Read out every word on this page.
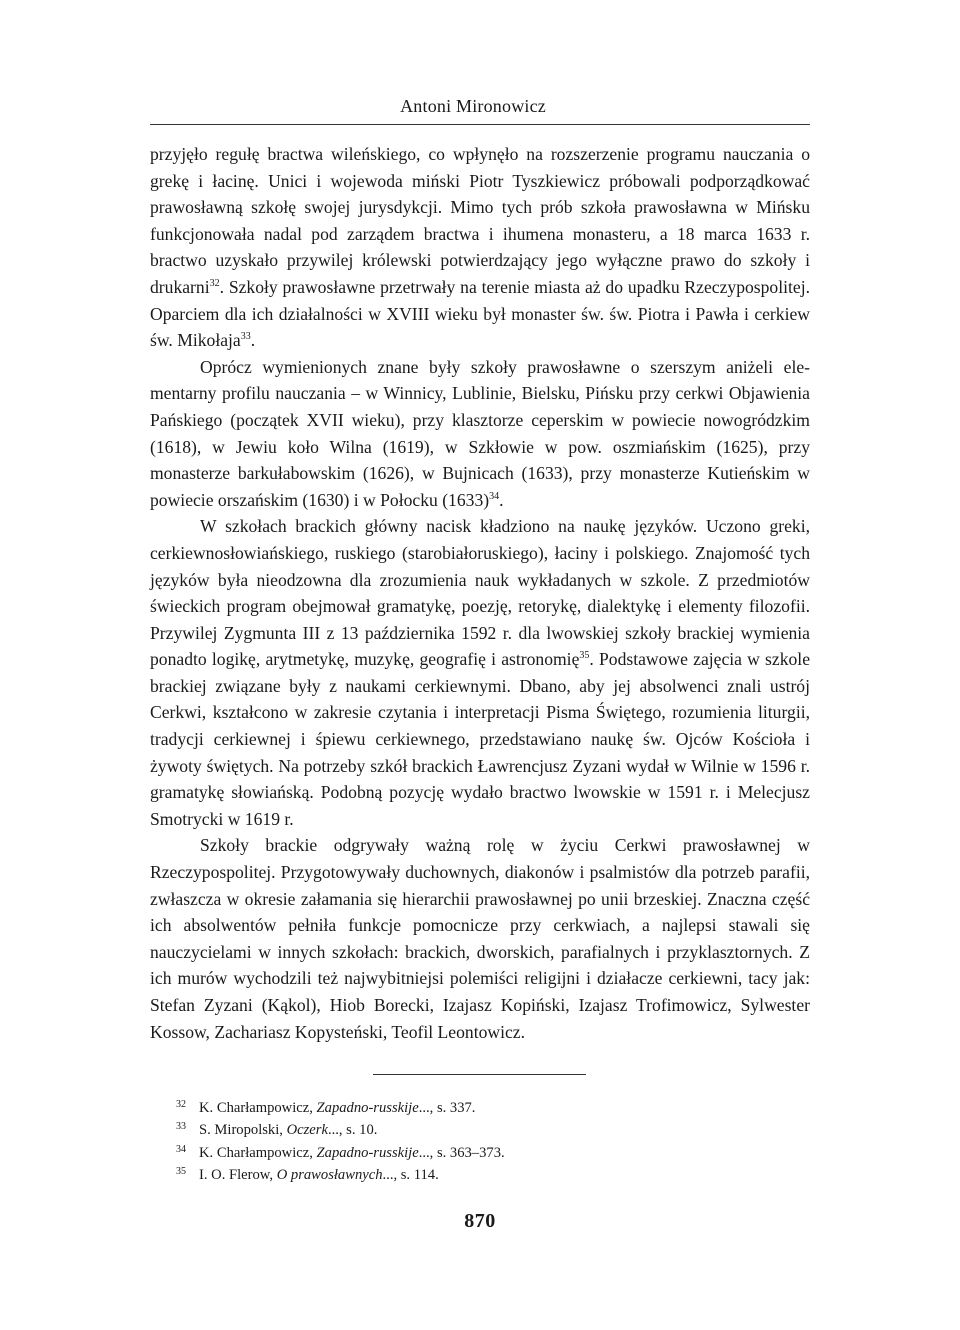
Antoni Mironowicz

przyjęło regułę bractwa wileńskiego, co wpłynęło na rozszerzenie programu nauczania o grekę i łacinę. Unici i wojewoda miński Piotr Tyszkiewicz próbowali podporządkować prawosławną szkołę swojej jurysdykcji. Mimo tych prób szkoła prawosławna w Mińsku funkcjonowała nadal pod zarządem bractwa i ihumena monasteru, a 18 marca 1633 r. bractwo uzyskało przywilej królewski potwierdzający jego wyłączne prawo do szkoły i drukarni$^{32}$. Szkoły prawosławne przetrwały na terenie miasta aż do upadku Rzeczypospolitej. Oparciem dla ich działalności w XVIII wieku był monaster św. św. Piotra i Pawła i cerkiew św. Mikołaja$^{33}$.

Oprócz wymienionych znane były szkoły prawosławne o szerszym aniżeli elementarny profilu nauczania – w Winnicy, Lublinie, Bielsku, Pińsku przy cerkwi Objawienia Pańskiego (początek XVII wieku), przy klasztorze ceperskim w powiecie nowogródzkim (1618), w Jewiu koło Wilna (1619), w Szkłowie w pow. oszmiańskim (1625), przy monasterze barkułabowskim (1626), w Bujnicach (1633), przy monasterze Kutieńskim w powiecie orszańskim (1630) i w Połocku $(1633)^{34}$.

W szkołach brackich główny nacisk kładziono na naukę języków. Uczono greki, cerkiewnosłowiańskiego, ruskiego (starobiałoruskiego), łaciny i polskiego. Znajomość tych języków była nieodzowna dla zrozumienia nauk wykładanych w szkole. Z przedmiotów świeckich program obejmował gramatykę, poezję, retorykę, dialektykę i elementy filozofii. Przywilej Zygmunta III z 13 października 1592 r. dla lwowskiej szkoły brackiej wymienia ponadto logikę, arytmetykę, muzykę, geografię i astronomię$^{35}$. Podstawowe zajęcia w szkole brackiej związane były z naukami cerkiewnymi. Dbano, aby jej absolwenci znali ustrój Cerkwi, kształcono w zakresie czytania i interpretacji Pisma Świętego, rozumienia liturgii, tradycji cerkiewnej i śpiewu cerkiewnego, przedstawiano naukę św. Ojców Kościoła i żywoty świętych. Na potrzeby szkół brackich Ławrencjusz Zyzani wydał w Wilnie w 1596 r. gramatykę słowiańską. Podobną pozycję wydało bractwo lwowskie w 1591 r. i Melecjusz Smotrycki w 1619 r.

Szkoły brackie odgrywały ważną rolę w życiu Cerkwi prawosławnej w Rzeczypospolitej. Przygotowywały duchownych, diakonów i psalmistów dla potrzeb parafii, zwłaszcza w okresie załamania się hierarchii prawosławnej po unii brzeskiej. Znaczna część ich absolwentów pełniła funkcje pomocnicze przy cerkwiach, a najlepsi stawali się nauczycielami w innych szkołach: brackich, dworskich, parafialnych i przyklasztornych. Z ich murów wychodzili też najwybitniejsi polemiści religijni i działacze cerkiewni, tacy jak: Stefan Zyzani (Kąkol), Hiob Borecki, Izajasz Kopiński, Izajasz Trofimowicz, Sylwester Kossow, Zachariasz Kopysteński, Teofil Leontowicz.

32 K. Charłampowicz, Zapadno-russkije..., s. 337.
33 S. Miropolski, Oczerk..., s. 10.
34 K. Charłampowicz, Zapadno-russkije..., s. 363–373.
35 I. O. Flerow, O prawosławnych..., s. 114.
870
